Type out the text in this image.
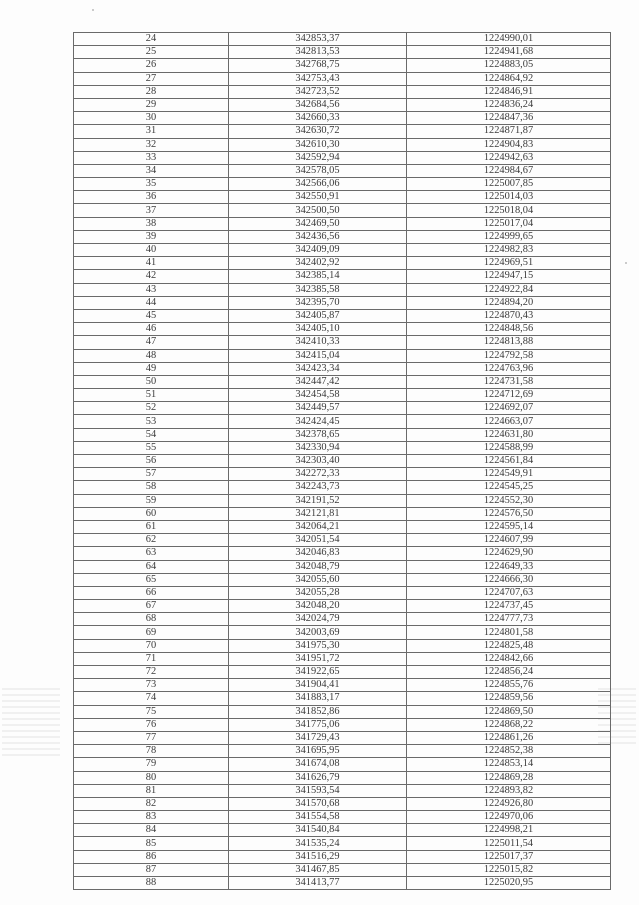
24	342853,37	1224990,01
25	342813,53	1224941,68
26	342768,75	1224883,05
27	342753,43	1224864,92
28	342723,52	1224846,91
29	342684,56	1224836,24
30	342660,33	1224847,36
31	342630,72	1224871,87
32	342610,30	1224904,83
33	342592,94	1224942,63
34	342578,05	1224984,67
35	342566,06	1225007,85
36	342550,91	1225014,03
37	342500,50	1225018,04
38	342469,50	1225017,04
39	342436,56	1224999,65
40	342409,09	1224982,83
41	342402,92	1224969,51
42	342385,14	1224947,15
43	342385,58	1224922,84
44	342395,70	1224894,20
45	342405,87	1224870,43
46	342405,10	1224848,56
47	342410,33	1224813,88
48	342415,04	1224792,58
49	342423,34	1224763,96
50	342447,42	1224731,58
51	342454,58	1224712,69
52	342449,57	1224692,07
53	342424,45	1224663,07
54	342378,65	1224631,80
55	342330,94	1224588,99
56	342303,40	1224561,84
57	342272,33	1224549,91
58	342243,73	1224545,25
59	342191,52	1224552,30
60	342121,81	1224576,50
61	342064,21	1224595,14
62	342051,54	1224607,99
63	342046,83	1224629,90
64	342048,79	1224649,33
65	342055,60	1224666,30
66	342055,28	1224707,63
67	342048,20	1224737,45
68	342024,79	1224777,73
69	342003,69	1224801,58
70	341975,30	1224825,48
71	341951,72	1224842,66
72	341922,65	1224856,24
73	341904,41	1224855,76
74	341883,17	1224859,56
75	341852,86	1224869,50
76	341775,06	1224868,22
77	341729,43	1224861,26
78	341695,95	1224852,38
79	341674,08	1224853,14
80	341626,79	1224869,28
81	341593,54	1224893,82
82	341570,68	1224926,80
83	341554,58	1224970,06
84	341540,84	1224998,21
85	341535,24	1225011,54
86	341516,29	1225017,37
87	341467,85	1225015,82
88	341413,77	1225020,95
